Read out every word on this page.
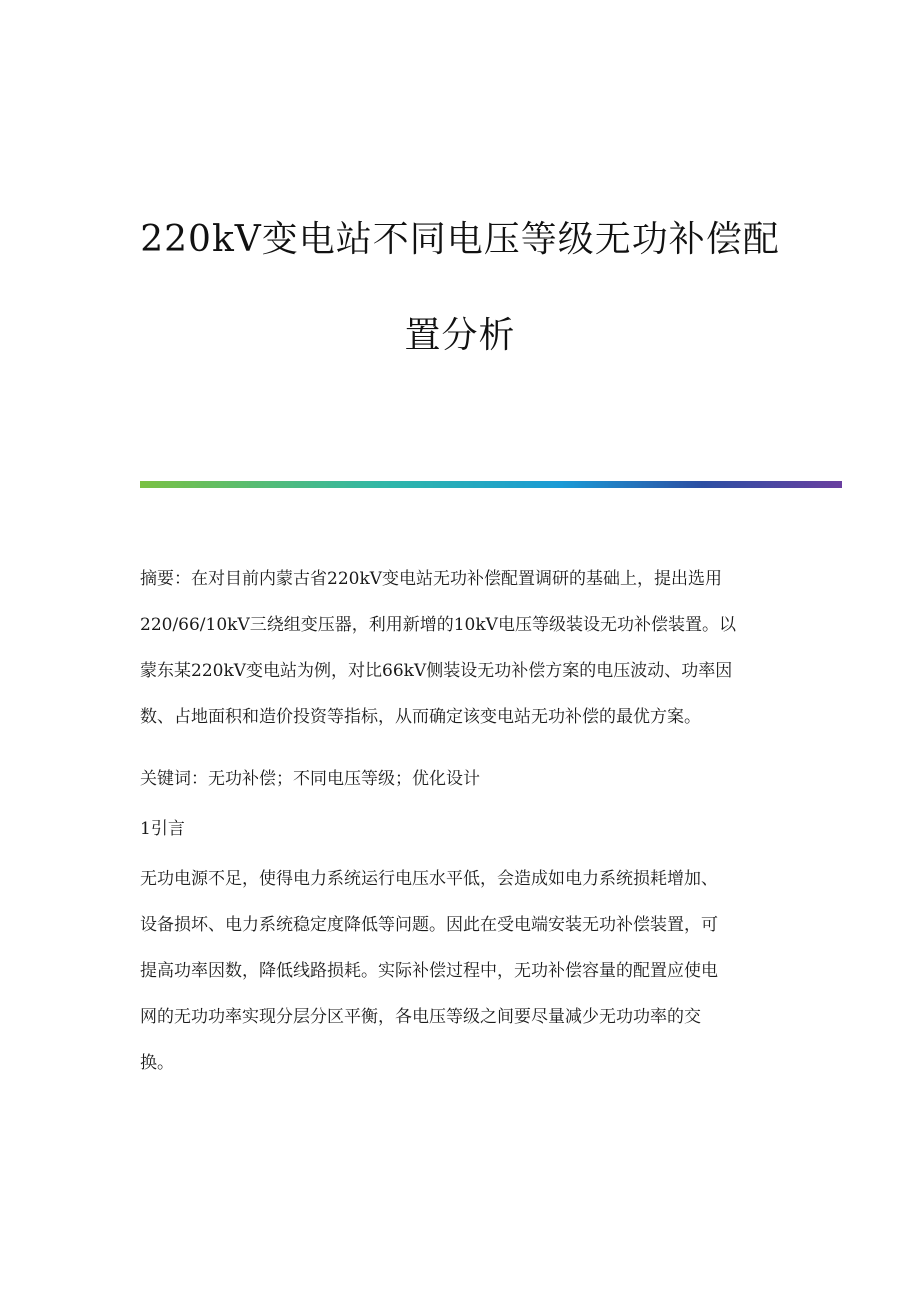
220kV变电站不同电压等级无功补偿配
置分析

摘要：在对目前内蒙古省220kV变电站无功补偿配置调研的基础上，提出选用
220/66/10kV三绕组变压器，利用新增的10kV电压等级装设无功补偿装置。以
蒙东某220kV变电站为例，对比66kV侧装设无功补偿方案的电压波动、功率因
数、占地面积和造价投资等指标，从而确定该变电站无功补偿的最优方案。

关键词：无功补偿；不同电压等级；优化设计

1引言

无功电源不足，使得电力系统运行电压水平低，会造成如电力系统损耗增加、
设备损坏、电力系统稳定度降低等问题。因此在受电端安装无功补偿装置，可
提高功率因数，降低线路损耗。实际补偿过程中，无功补偿容量的配置应使电
网的无功功率实现分层分区平衡，各电压等级之间要尽量减少无功功率的交
换。
